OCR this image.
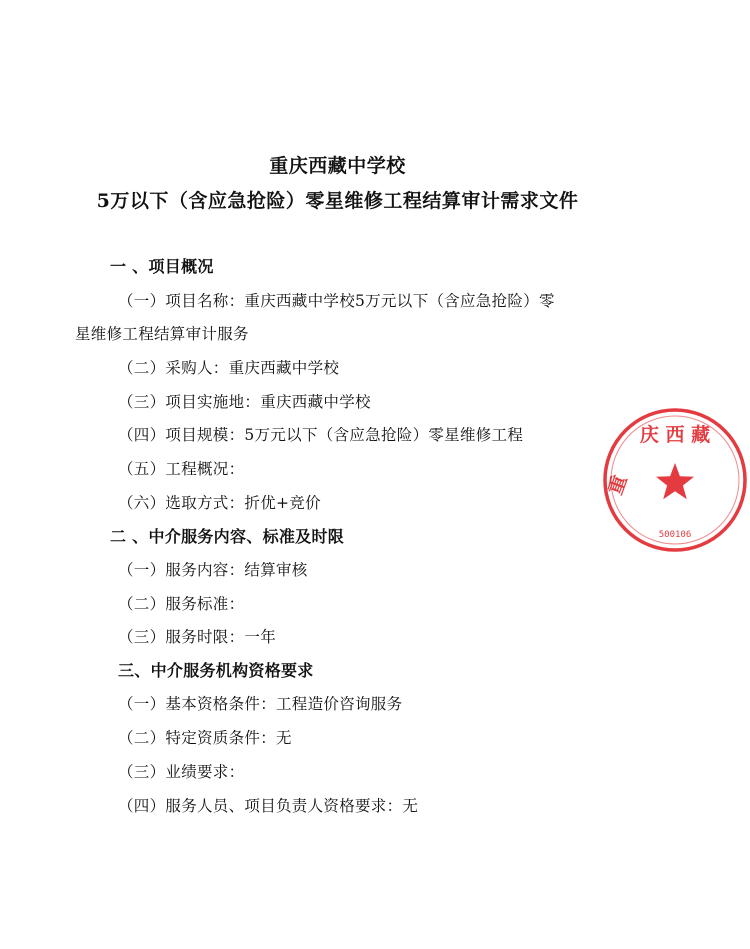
重庆西藏中学校
5万以下（含应急抢险）零星维修工程结算审计需求文件
一 、项目概况
（一）项目名称：重庆西藏中学校5万元以下（含应急抢险）零
星维修工程结算审计服务
（二）采购人：重庆西藏中学校
（三）项目实施地：重庆西藏中学校
（四）项目规模：5万元以下（含应急抢险）零星维修工程
（五）工程概况：
（六）选取方式：折优+竞价
二 、中介服务内容、标准及时限
（一）服务内容：结算审核
（二）服务标准：
（三）服务时限：一年
三、中介服务机构资格要求
（一）基本资格条件：工程造价咨询服务
（二）特定资质条件：无
（三）业绩要求：
（四）服务人员、项目负责人资格要求：无
庆 西 藏
重
500106
